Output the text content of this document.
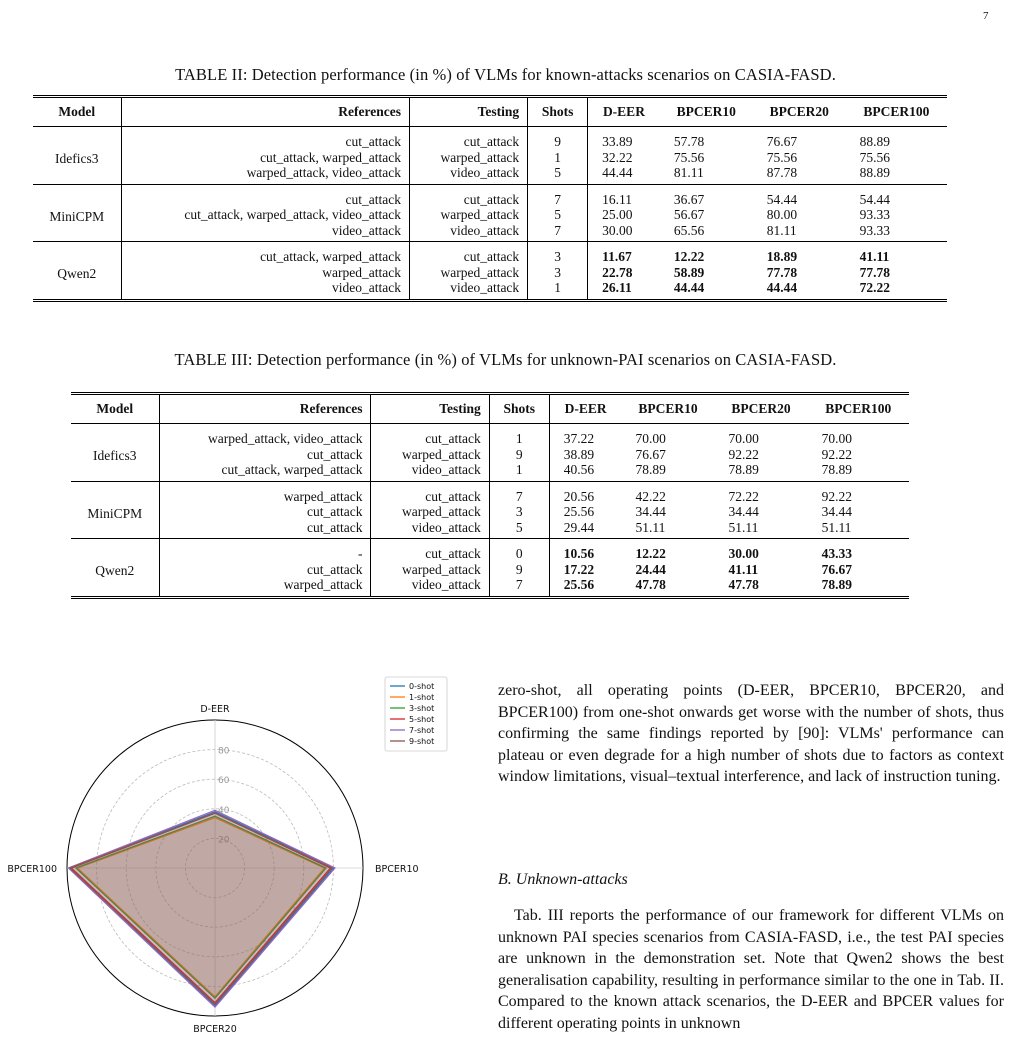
7
TABLE II: Detection performance (in %) of VLMs for known-attacks scenarios on CASIA-FASD.
Model	References	Testing	Shots	D-EER	BPCER10	BPCER20	BPCER100
Idefics3	cut_attack	cut_attack	9	33.89	57.78	76.67	88.89
	cut_attack, warped_attack	warped_attack	1	32.22	75.56	75.56	75.56
	warped_attack, video_attack	video_attack	5	44.44	81.11	87.78	88.89
MiniCPM	cut_attack	cut_attack	7	16.11	36.67	54.44	54.44
	cut_attack, warped_attack, video_attack	warped_attack	5	25.00	56.67	80.00	93.33
	video_attack	video_attack	7	30.00	65.56	81.11	93.33
Qwen2	cut_attack, warped_attack	cut_attack	3	11.67	12.22	18.89	41.11
	warped_attack	warped_attack	3	22.78	58.89	77.78	77.78
	video_attack	video_attack	1	26.11	44.44	44.44	72.22
TABLE III: Detection performance (in %) of VLMs for unknown-PAI scenarios on CASIA-FASD.
Model	References	Testing	Shots	D-EER	BPCER10	BPCER20	BPCER100
Idefics3	warped_attack, video_attack	cut_attack	1	37.22	70.00	70.00	70.00
	cut_attack	warped_attack	9	38.89	76.67	92.22	92.22
	cut_attack, warped_attack	video_attack	1	40.56	78.89	78.89	78.89
MiniCPM	warped_attack	cut_attack	7	20.56	42.22	72.22	92.22
	cut_attack	warped_attack	3	25.56	34.44	34.44	34.44
	cut_attack	video_attack	5	29.44	51.11	51.11	51.11
Qwen2	-	cut_attack	0	10.56	12.22	30.00	43.33
	cut_attack	warped_attack	9	17.22	24.44	41.11	76.67
	warped_attack	video_attack	7	25.56	47.78	47.78	78.89
20
40
60
80
D-EER
BPCER10
BPCER20
BPCER100
0-shot
1-shot
3-shot
5-shot
7-shot
9-shot
zero-shot, all operating points (D-EER, BPCER10, BPCER20, and BPCER100) from one-shot onwards get worse with the number of shots, thus confirming the same findings reported by [90]: VLMs' performance can plateau or even degrade for a high number of shots due to factors as context window limitations, visual–textual interference, and lack of instruction tuning.
B. Unknown-attacks
Tab. III reports the performance of our framework for different VLMs on unknown PAI species scenarios from CASIA-FASD, i.e., the test PAI species are unknown in the demonstration set. Note that Qwen2 shows the best generalisation capability, resulting in performance similar to the one in Tab. II. Compared to the known attack scenarios, the D-EER and BPCER values for different operating points in unknown
